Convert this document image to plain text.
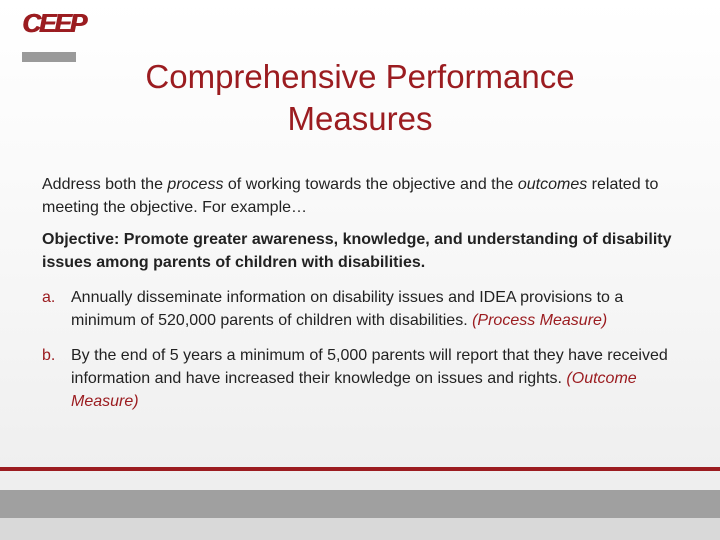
CEEP
Comprehensive Performance Measures

Address both the process of working towards the objective and the outcomes related to meeting the objective. For example…

Objective: Promote greater awareness, knowledge, and understanding of disability issues among parents of children with disabilities.

a. Annually disseminate information on disability issues and IDEA provisions to a minimum of 520,000 parents of children with disabilities. (Process Measure)
b. By the end of 5 years a minimum of 5,000 parents will report that they have received information and have increased their knowledge on issues and rights. (Outcome Measure)
